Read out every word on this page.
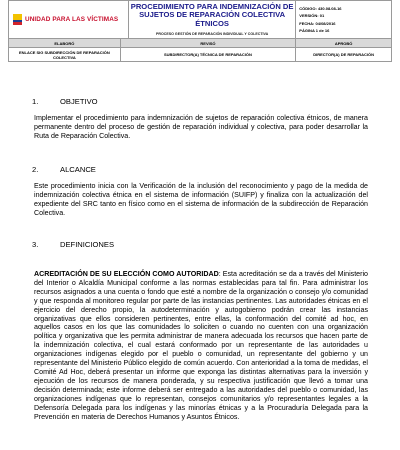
UNIDAD PARA LAS VÍCTIMAS

PROCEDIMIENTO PARA INDEMNIZACIÓN DE SUJETOS DE REPARACIÓN COLECTIVA ÉTNICOS
PROCESO GESTIÓN DE REPARACIÓN INDIVIDUAL Y COLECTIVA

CÓDIGO: 430.08.08-16
VERSIÓN: 01
FECHA: 04/08/2016
PÁGINA 1 de 16
ELABORÓ	REVISÓ	APROBÓ
ENLACE SIG SUBDIRECCIÓN DE REPARACIÓN COLECTIVA	SUBDIRECTOR(A) TÉCNICA DE REPARACIÓN	DIRECTOR(A) DE REPARACIÓN
1.	OBJETIVO

Implementar el procedimiento para indemnización de sujetos de reparación colectiva étnicos, de manera permanente dentro del proceso de gestión de reparación individual y colectiva, para poder desarrollar la Ruta de Reparación Colectiva.

2.	ALCANCE

Este procedimiento inicia con la Verificación de la inclusión del reconocimiento y pago de la medida de indemnización colectiva étnica en el sistema de información (SUIFP) y finaliza con la actualización del expediente del SRC tanto en físico como en el sistema de información de la subdirección de Reparación Colectiva.

3.	DEFINICIONES

ACREDITACIÓN DE SU ELECCIÓN COMO AUTORIDAD: Esta acreditación se da a través del Ministerio del Interior o Alcaldía Municipal conforme a las normas establecidas para tal fin. Para administrar los recursos asignados a una cuenta o fondo que esté a nombre de la organización o consejo y/o comunidad y que responda al monitoreo regular por parte de las instancias pertinentes. Las autoridades étnicas en el ejercicio del derecho propio, la autodeterminación y autogobierno podrán crear las instancias organizativas que ellos consideren pertinentes, entre ellas, la conformación del comité ad hoc, en aquellos casos en los que las comunidades lo soliciten o cuando no cuenten con una organización política y organizativa que les permita administrar de manera adecuada los recursos que hacen parte de la indemnización colectiva, el cual estará conformado por un representante de las autoridades u organizaciones indígenas elegido por el pueblo o comunidad, un representante del gobierno y un representante del Ministerio Público elegido de común acuerdo. Con anterioridad a la toma de medidas, el Comité Ad Hoc, deberá presentar un informe que exponga las distintas alternativas para la inversión y ejecución de los recursos de manera ponderada, y su respectiva justificación que llevó a tomar una decisión determinada; este informe deberá ser entregado a las autoridades del pueblo o comunidad, las organizaciones indígenas que lo representan, consejos comunitarios y/o representantes legales a la Defensoría Delegada para los indígenas y las minorías étnicas y a la Procuraduría Delegada para la Prevención en materia de Derechos Humanos y Asuntos Étnicos.
